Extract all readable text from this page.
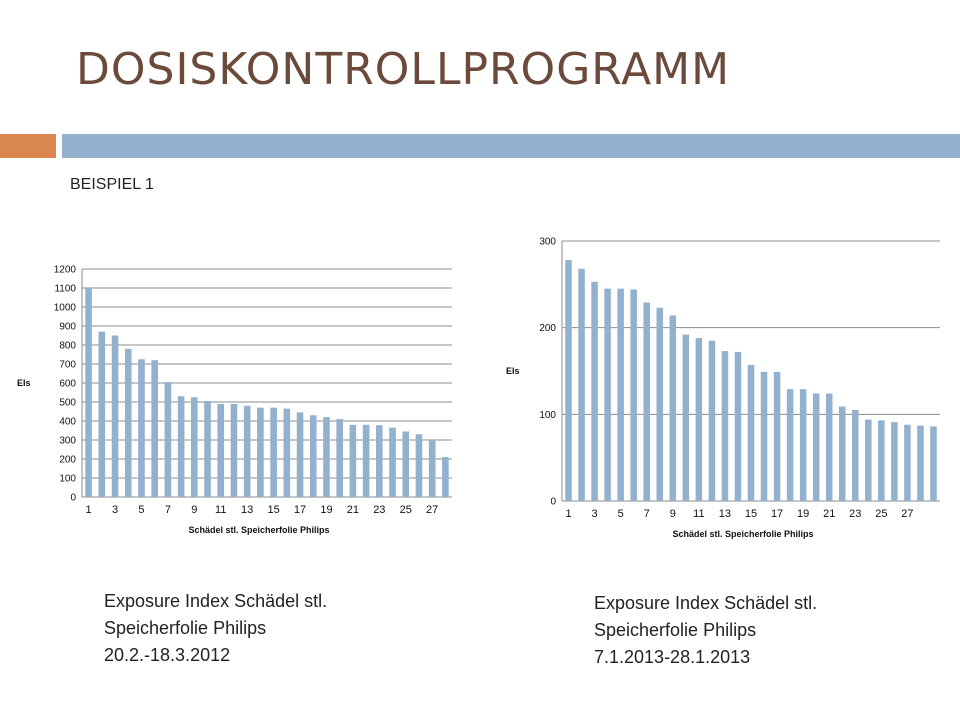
DOSISKONTROLLPROGRAMM
BEISPIEL 1
0
100
200
300
400
500
600
700
800
900
1000
1100
1200
1 3 5 7 9 11 13 15 17 19 21 23 25 27
Schädel stl. Speicherfolie Philips
EIs
0
100
200
300
1 3 5 7 9 11 13 15 17 19 21 23 25 27
Schädel stl. Speicherfolie Philips
EIs
Exposure Index Schädel stl.
Speicherfolie Philips
20.2.-18.3.2012
Exposure Index Schädel stl.
Speicherfolie Philips
7.1.2013-28.1.2013
